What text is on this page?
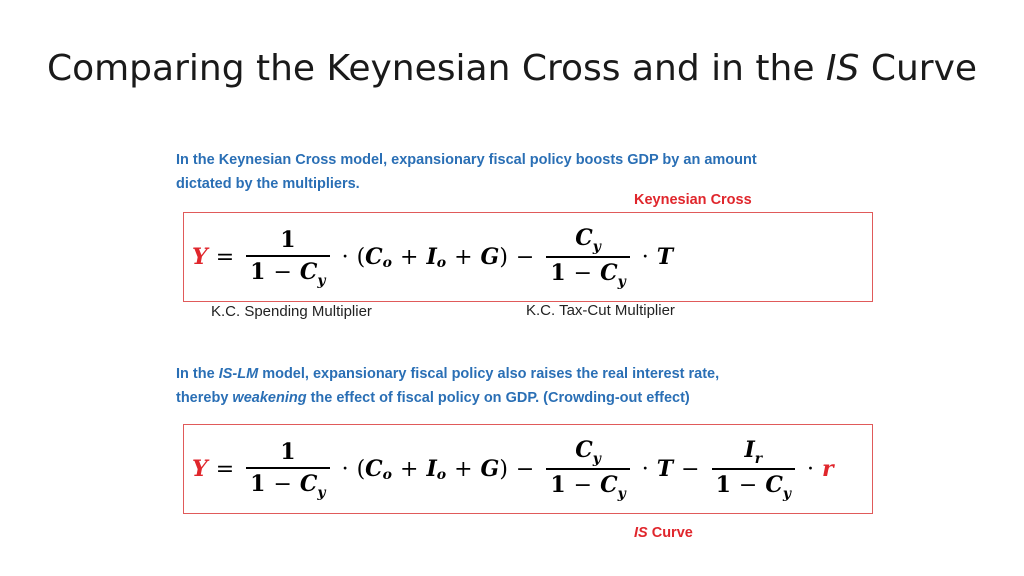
Comparing the Keynesian Cross and in the IS Curve
In the Keynesian Cross model, expansionary fiscal policy boosts GDP by an amount
dictated by the multipliers.
Keynesian Cross
$Y = \frac{1}{1 - C_y}$ · ( C o + I o + G ) − $\frac{C_y}{1 - C_y} \cdot T$
K.C. Spending Multiplier	K.C. Tax-Cut Multiplier
In the IS-LM model, expansionary fiscal policy also raises the real interest rate,
thereby weakening the effect of fiscal policy on GDP. (Crowding-out effect)
$Y = \frac{1}{1 - C_y}$ · ( C o + I o + G ) − $\frac{C_y}{1 - C_y} \cdot T - \frac{I_r}{1 - C_y} \cdot r$
IS Curve
